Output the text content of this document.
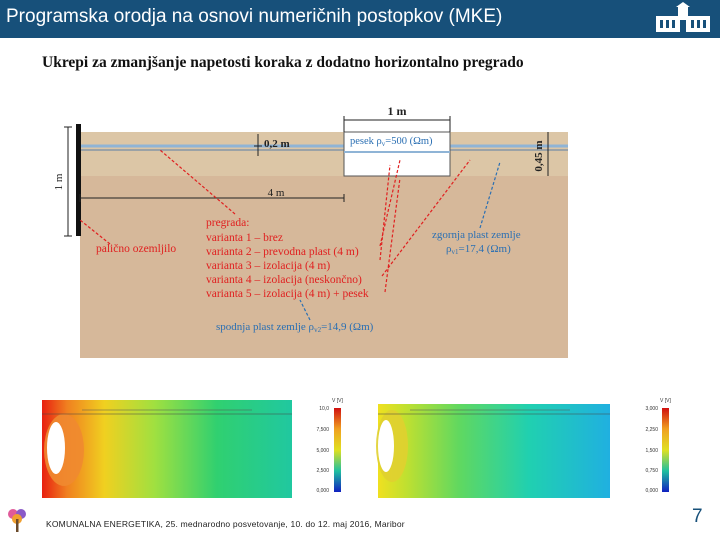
Programska orodja na osnovi numeričnih postopkov (MKE)
Ukrepi za zmanjšanje napetosti koraka z dodatno horizontalno pregrado
1 m
1 m
0,2 m	0,45 m
4 m
pesek ρv=500 (Ωm)
palično ozemljilo
pregrada:
varianta 1 – brez
varianta 2 – prevodna plast (4 m)
varianta 3 – izolacija (4 m)
varianta 4 – izolacija (neskončno)
varianta 5 – izolacija (4 m) + pesek
zgornja plast zemlje
ρv1=17,4 (Ωm)
spodnja plast zemlje ρv2=14,9 (Ωm)
V [V]
10,0
7,500
5,000
2,500
0,000
V [V]
3,000
2,250
1,500
0,750
0,000
KOMUNALNA ENERGETIKA, 25. mednarodno posvetovanje, 10. do 12. maj 2016, Maribor	7
